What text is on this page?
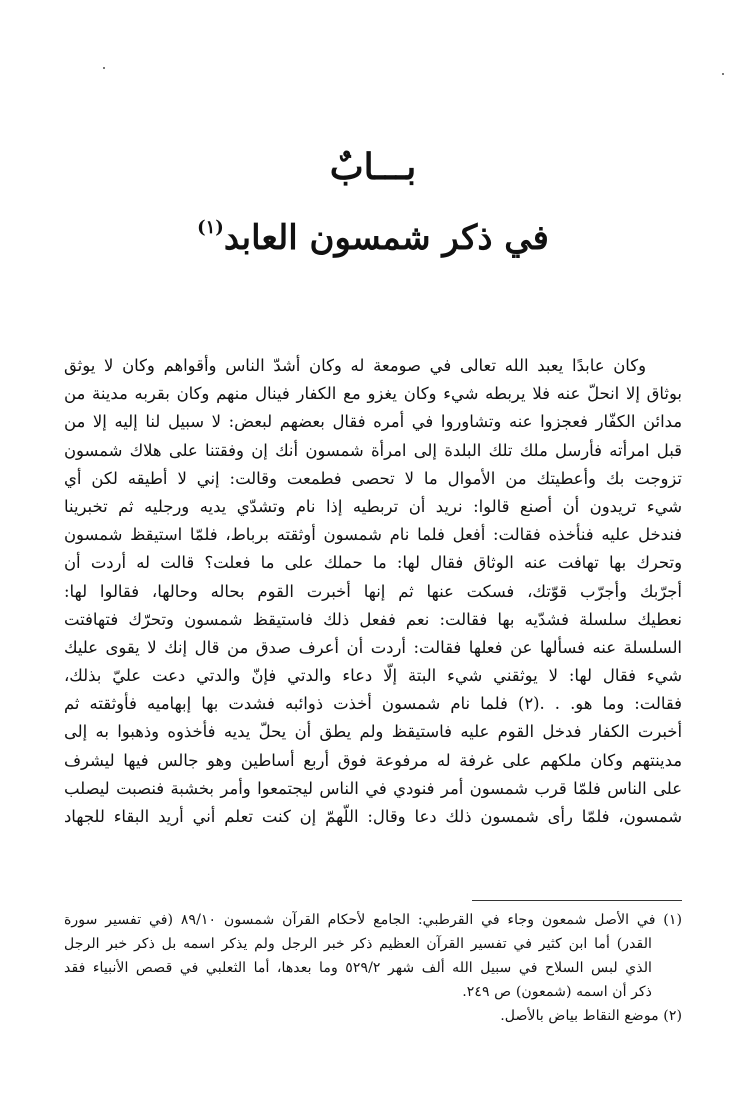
بـــابٌ
في ذكر شمسون العابد$^{(١)}$
وكان عابدًا يعبد الله تعالى في صومعة له وكان أشدّ الناس وأقواهم وكان لا يوثق
بوثاق إلا انحلّ عنه فلا يربطه شيء وكان يغزو مع الكفار فينال منهم وكان بقربه مدينة من
مدائن الكفّار فعجزوا عنه وتشاوروا في أمره فقال بعضهم لبعض: لا سبيل لنا إليه إلا من
قبل امرأته فأرسل ملك تلك البلدة إلى امرأة شمسون أنك إن وفقتنا على هلاك شمسون
تزوجت بك وأعطيتك من الأموال ما لا تحصى فطمعت وقالت: إني لا أطيقه لكن أي
شيء تريدون أن أصنع قالوا: نريد أن تربطيه إذا نام وتشدّي يديه ورجليه ثم تخبرينا
فندخل عليه فنأخذه فقالت: أفعل فلما نام شمسون أوثقته برباط، فلمّا استيقظ شمسون
وتحرك بها تهافت عنه الوثاق فقال لها: ما حملك على ما فعلت؟ قالت له أردت أن
أجرّبك وأجرّب قوّتك، فسكت عنها ثم إنها أخبرت القوم بحاله وحالها، فقالوا لها:
نعطيك سلسلة فشدّيه بها فقالت: نعم ففعل ذلك فاستيقظ شمسون وتحرّك فتهافتت
السلسلة عنه فسألها عن فعلها فقالت: أردت أن أعرف صدق من قال إنك لا يقوى عليك
شيء فقال لها: لا يوثقني شيء البتة إلّا دعاء والدتي فإنّ والدتي دعت عليّ بذلك،
فقالت: وما هو. . .(٢) فلما نام شمسون أخذت ذوائبه فشدت بها إبهاميه فأوثقته ثم
أخبرت الكفار فدخل القوم عليه فاستيقظ ولم يطق أن يحلّ يديه فأخذوه وذهبوا به إلى
مدينتهم وكان ملكهم على غرفة له مرفوعة فوق أربع أساطين وهو جالس فيها ليشرف
على الناس فلمّا قرب شمسون أمر فنودي في الناس ليجتمعوا وأمر بخشبة فنصبت ليصلب
شمسون، فلمّا رأى شمسون ذلك دعا وقال: اللّهمّ إن كنت تعلم أني أريد البقاء للجهاد
(١) في الأصل شمعون وجاء في القرطبي: الجامع لأحكام القرآن شمسون ٨٩/١٠ (في تفسير سورة
القدر) أما ابن كثير في تفسير القرآن العظيم ذكر خبر الرجل ولم يذكر اسمه بل ذكر خبر الرجل
الذي لبس السلاح في سبيل الله ألف شهر ٥٢٩/٢ وما بعدها، أما الثعلبي في قصص الأنبياء فقد
ذكر أن اسمه (شمعون) ص ٢٤٩.
(٢) موضع النقاط بياض بالأصل.
